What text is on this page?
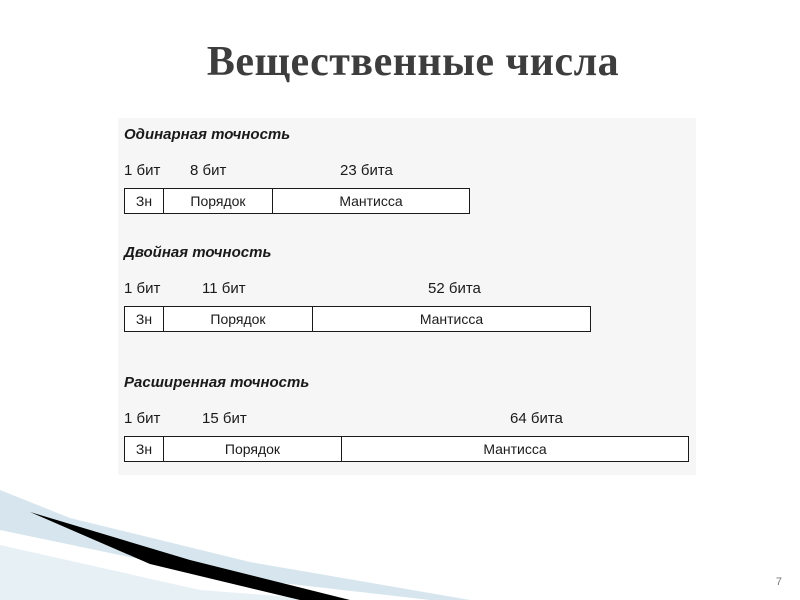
Вещественные числа
Одинарная точность
1 бит 8 бит	23 бита
Зн	Порядок	Мантисса
Двойная точность
1 бит	11 бит	52 бита
Зн	Порядок	Мантисса
Расширенная точность
1 бит	15 бит	64 бита
Зн	Порядок	Мантисса
7
